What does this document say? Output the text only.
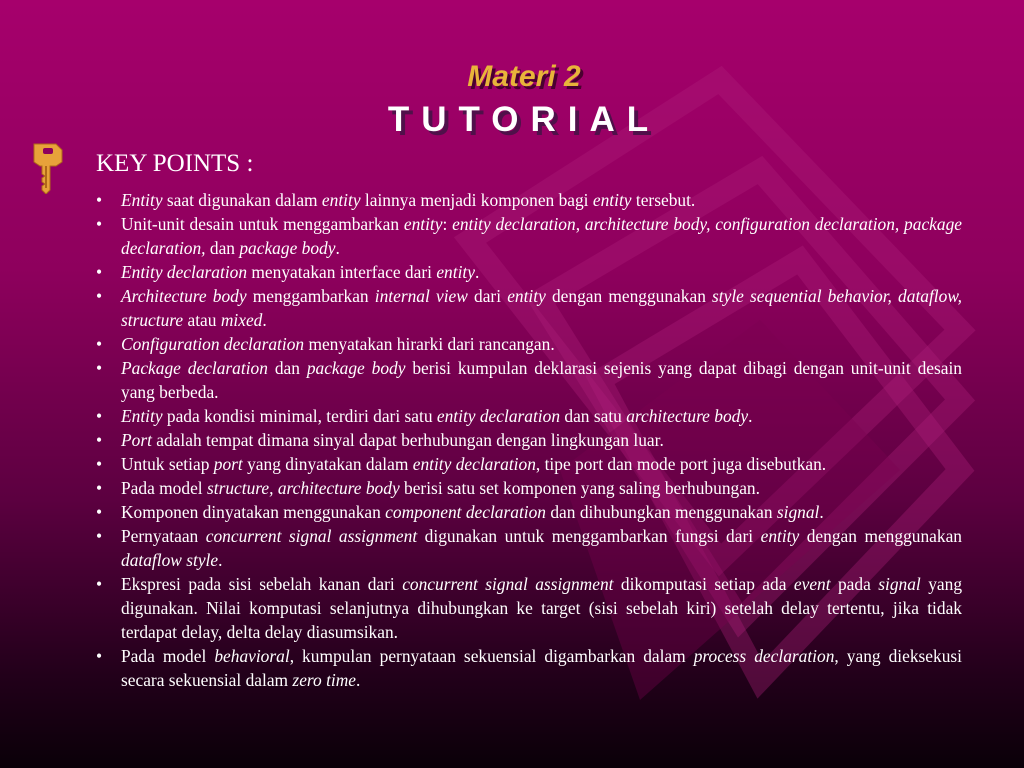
Materi 2
TUTORIAL
KEY POINTS :
• Entity saat digunakan dalam entity lainnya menjadi komponen bagi entity tersebut.
• Unit-unit desain untuk menggambarkan entity: entity declaration, architecture body, configuration declaration, package declaration, dan package body.
• Entity declaration menyatakan interface dari entity.
• Architecture body menggambarkan internal view dari entity dengan menggunakan style sequential behavior, dataflow, structure atau mixed.
• Configuration declaration menyatakan hirarki dari rancangan.
• Package declaration dan package body berisi kumpulan deklarasi sejenis yang dapat dibagi dengan unit-unit desain yang berbeda.
• Entity pada kondisi minimal, terdiri dari satu entity declaration dan satu architecture body.
• Port adalah tempat dimana sinyal dapat berhubungan dengan lingkungan luar.
• Untuk setiap port yang dinyatakan dalam entity declaration, tipe port dan mode port juga disebutkan.
• Pada model structure, architecture body berisi satu set komponen yang saling berhubungan.
• Komponen dinyatakan menggunakan component declaration dan dihubungkan menggunakan signal.
• Pernyataan concurrent signal assignment digunakan untuk menggambarkan fungsi dari entity dengan menggunakan dataflow style.
• Ekspresi pada sisi sebelah kanan dari concurrent signal assignment dikomputasi setiap ada event pada signal yang digunakan. Nilai komputasi selanjutnya dihubungkan ke target (sisi sebelah kiri) setelah delay tertentu, jika tidak terdapat delay, delta delay diasumsikan.
• Pada model behavioral, kumpulan pernyataan sekuensial digambarkan dalam process declaration, yang dieksekusi secara sekuensial dalam zero time.
